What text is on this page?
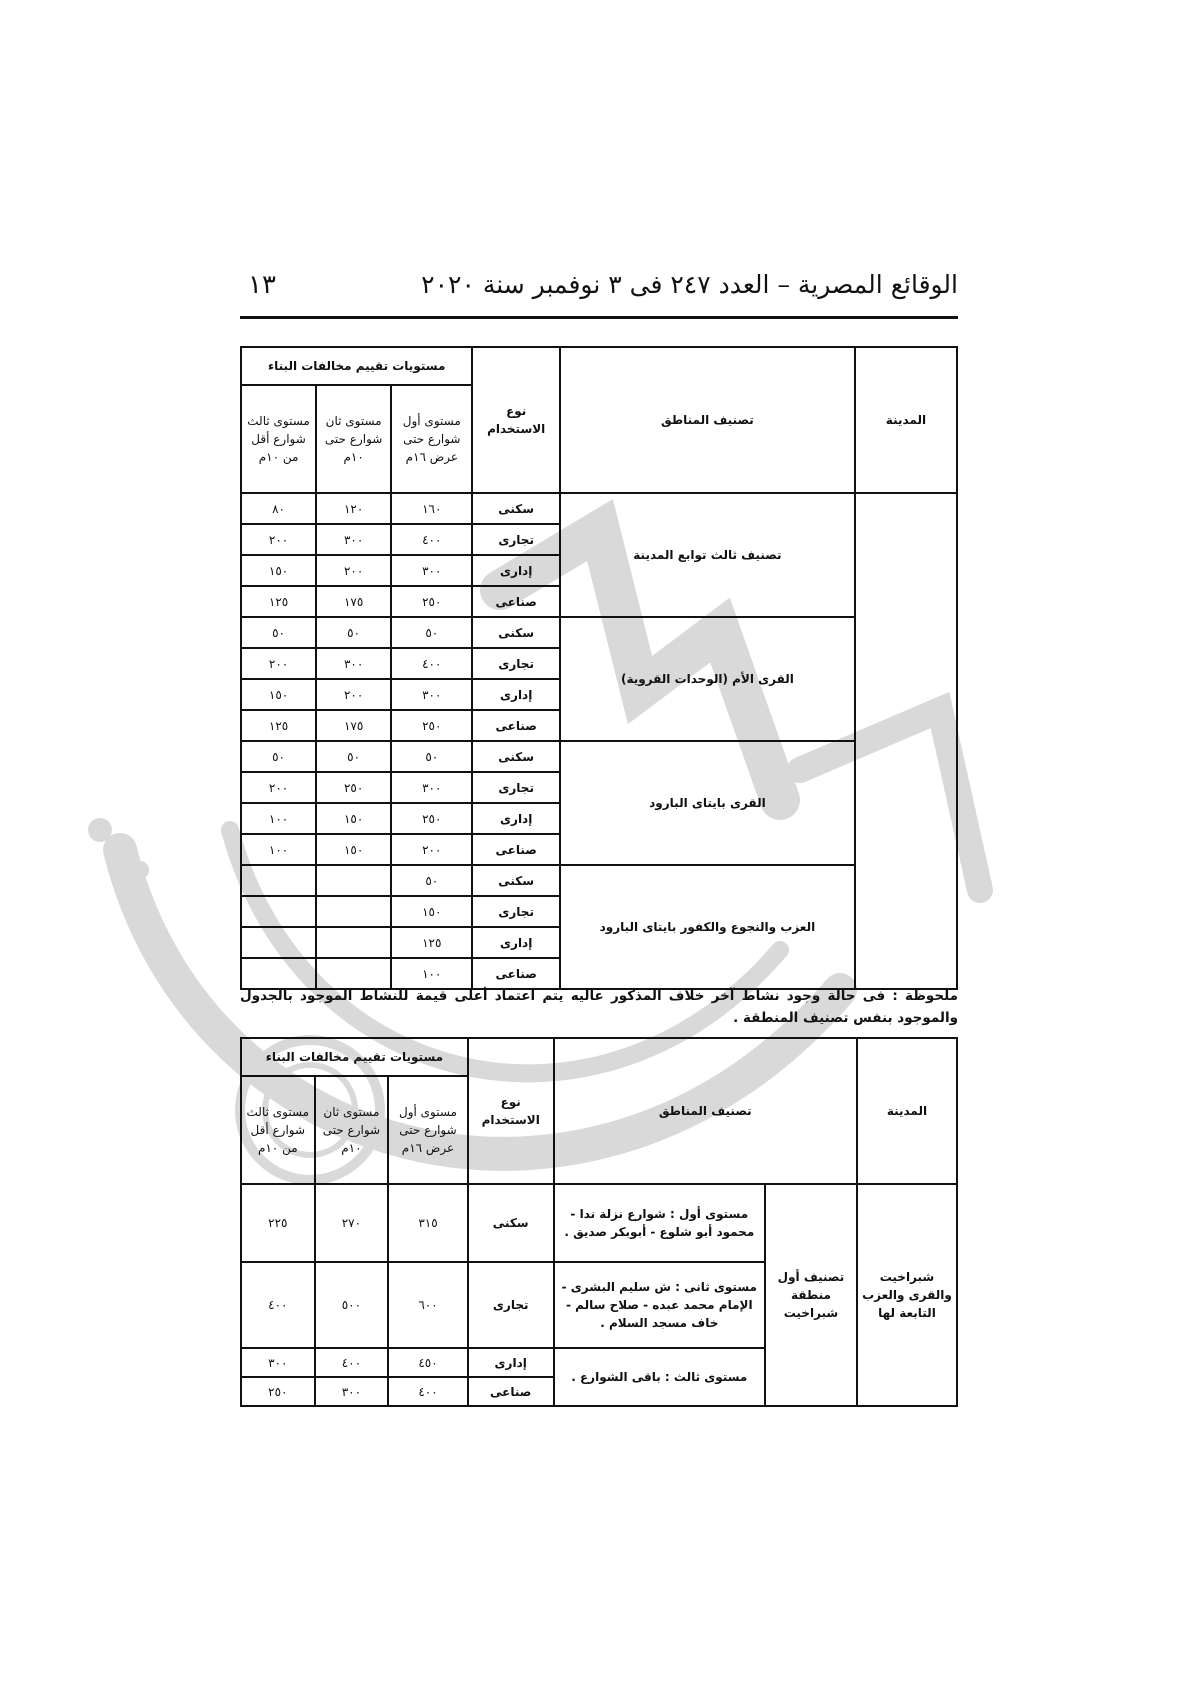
الوقائع المصرية – العدد ٢٤٧ فى ٣ نوفمبر سنة ٢٠٢٠
١٣
المدينة	تصنيف المناطق	نوع الاستخدام	مستويات تقييم مخالفات البناء		
			مستوى أول شوارع حتى عرض ١٦م	مستوى ثان شوارع حتى ١٠م	مستوى ثالث شوارع أقل من ١٠م
	تصنيف ثالث توابع المدينة	سكنى	١٦٠	١٢٠	٨٠
		تجارى	٤٠٠	٣٠٠	٢٠٠
		إدارى	٣٠٠	٢٠٠	١٥٠
		صناعى	٢٥٠	١٧٥	١٢٥
	القرى الأم (الوحدات القروية)	سكنى	٥٠	٥٠	٥٠
		تجارى	٤٠٠	٣٠٠	٢٠٠
		إدارى	٣٠٠	٢٠٠	١٥٠
		صناعى	٢٥٠	١٧٥	١٢٥
	القرى بايتاى البارود	سكنى	٥٠	٥٠	٥٠
		تجارى	٣٠٠	٢٥٠	٢٠٠
		إدارى	٢٥٠	١٥٠	١٠٠
		صناعى	٢٠٠	١٥٠	١٠٠
	العزب والنجوع والكفور بايتاى البارود	سكنى	٥٠		
		تجارى	١٥٠		
		إدارى	١٢٥		
		صناعى	١٠٠		
ملحوظة : فى حالة وجود نشاط آخر خلاف المذكور عاليه يتم اعتماد أعلى قيمة للنشاط الموجود بالجدول والموجود بنفس تصنيف المنطقة .
المدينة	تصنيف المناطق		نوع الاستخدام	مستويات تقييم مخالفات البناء		
				مستوى أول شوارع حتى عرض ١٦م	مستوى ثان شوارع حتى ١٠م	مستوى ثالث شوارع أقل من ١٠م
شبراخيت والقرى والعزب التابعة لها	تصنيف أول منطقة شبراخيت	مستوى أول : شوارع نزلة ندا - محمود أبو شلوع - أبوبكر صديق .	سكنى	٣١٥	٢٧٠	٢٢٥
		مستوى ثانى : ش سليم البشرى - الإمام محمد عبده - صلاح سالم - خاف مسجد السلام .	تجارى	٦٠٠	٥٠٠	٤٠٠
		مستوى ثالث : باقى الشوارع .	إدارى	٤٥٠	٤٠٠	٣٠٠
			صناعى	٤٠٠	٣٠٠	٢٥٠
